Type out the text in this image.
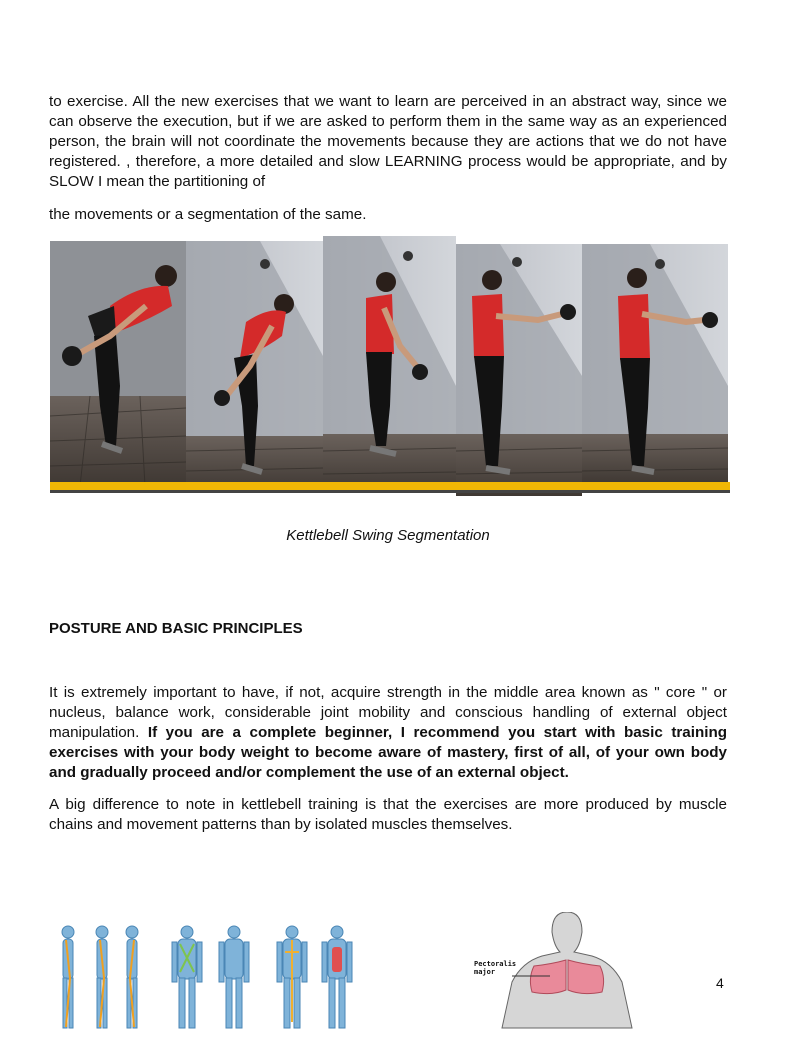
to exercise. All the new exercises that we want to learn are perceived in an abstract way, since we can observe the execution, but if we are asked to perform them in the same way as an experienced person, the brain will not coordinate the movements because they are actions that we do not have registered. , therefore, a more detailed and slow LEARNING process would be appropriate, and by SLOW I mean the partitioning of

the movements or a segmentation of the same.

Kettlebell Swing Segmentation

POSTURE AND BASIC PRINCIPLES

It is extremely important to have, if not, acquire strength in the middle area known as " core " or nucleus, balance work, considerable joint mobility and conscious handling of external object manipulation. If you are a complete beginner, I recommend you start with basic training exercises with your body weight to become aware of mastery, first of all, of your own body and gradually proceed and/or complement the use of an external object.

A big difference to note in kettlebell training is that the exercises are more produced by muscle chains and movement patterns than by isolated muscles themselves.

Pectoralis
major
4
